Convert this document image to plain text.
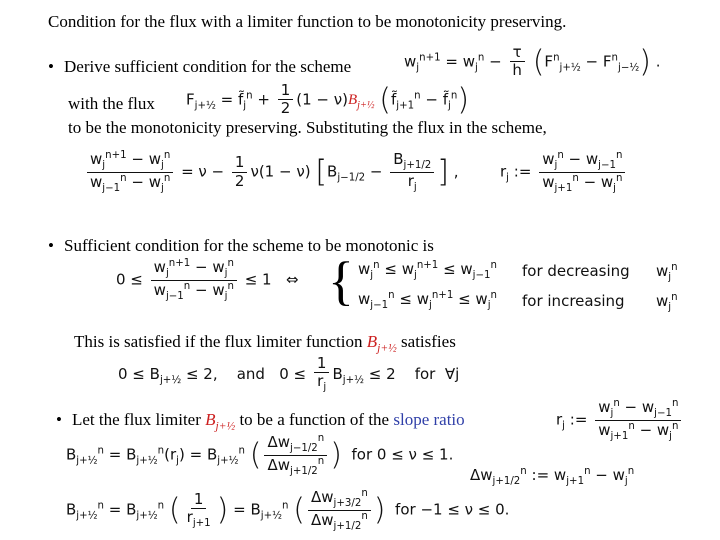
Condition for the flux with a limiter function to be monotonicity preserving.
• Derive sufficient condition for the scheme	$w_j^{n+1} = w_j^n - \frac{\tau}{h} (F^n_{j+\frac{1}{2}} - F^n_{j-\frac{1}{2}})$ .
with the flux $F_{j+\frac{1}{2}}$ = $f̃_j^n + \frac{1}{2} (1 - \nu)B_{j+\frac{1}{2}}$ ($f̃_{j+1}^n$ − $f̃_j^n$)
to be the monotonicity preserving. Substituting the flux in the scheme,
$\frac{w_j^{n+1} - w_j^n}{w_{j-1}^n - w_j^n} = \nu - \frac{1}{2} \nu(1 - \nu) [B_{j-1/2} - \frac{B_{j+1/2}}{r_j}$ ] ,	$r_j$ := $\frac{w_j^n - w_{j-1}^n}{w_{j+1}^n - w_j^n}$
• Sufficient condition for the scheme to be monotonic is
$0 \le \frac{w_j^{n+1} - w_j^n}{w_{j-1}^n - w_j^n} \le 1$   ⇔ { $w_j^n \le w_j^{n+1} \le w_{j-1}^n$ for decreasing $w_j^n$
$w_{j-1}^n \le w_j^{n+1} \le w_j^n$ for increasing $w_j^n$
This is satisfied if the flux limiter function $B_{j+\frac{1}{2}}$ satisfies
$0 \le B_{j+\frac{1}{2}} \le 2$,    and   $0 \le \frac{1}{r_j} B_{j+\frac{1}{2}} \le 2$    for  ∀j
• Let the flux limiter $B_{j+\frac{1}{2}}$ to be a function of the slope ratio	$r_j$ := $\frac{w_j^n - w_{j-1}^n}{w_{j+1}^n - w_j^n}$
$B_{j+\frac{1}{2}}^n = B_{j+\frac{1}{2}}^n(r_j) = B_{j+\frac{1}{2}}^n$ ( $\frac{\Delta w_{j-1/2}^n}{\Delta w_{j+1/2}^n}$ ) for 0 ≤ ν ≤ 1.
$\Delta w_{j+1/2}^n$ := $w_{j+1}^n - w_j^n$
$B_{j+\frac{1}{2}}^n = B_{j+\frac{1}{2}}^n$ ( $\frac{1}{r_{j+1}}$ ) = $B_{j+\frac{1}{2}}^n$ ( $\frac{\Delta w_{j+3/2}^n}{\Delta w_{j+1/2}^n}$ ) for −1 ≤ ν ≤ 0.
